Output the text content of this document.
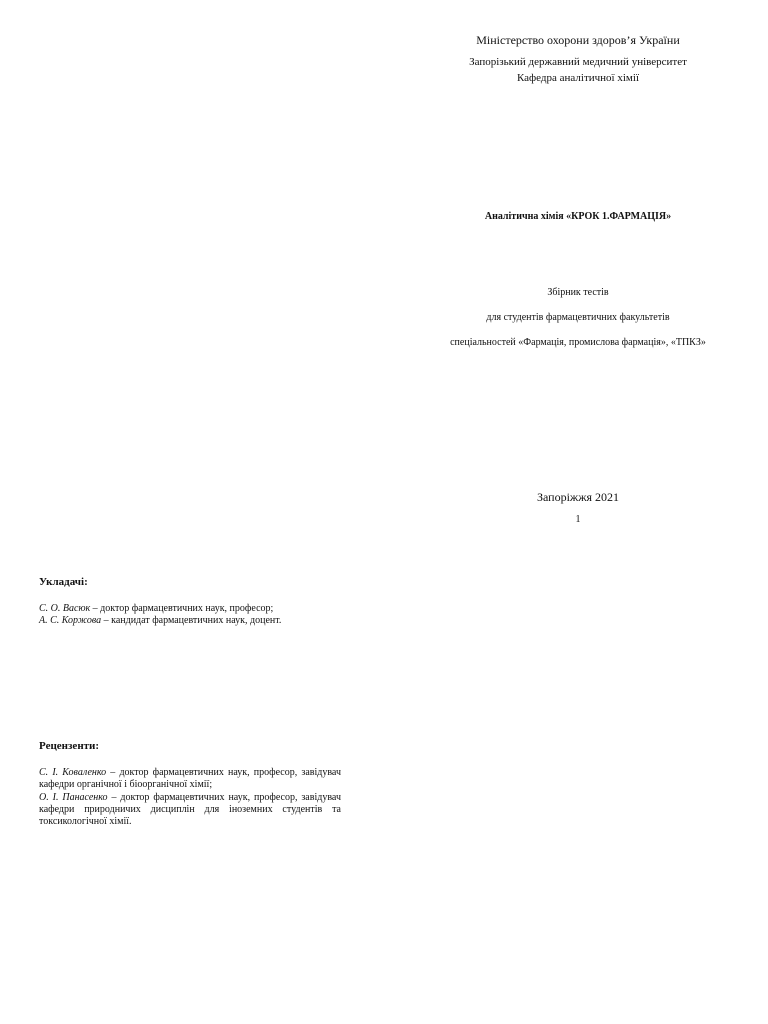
Міністерство охорони здоров’я України
Запорізький державний медичний університет
Кафедра аналітичної хімії
Аналітична хімія «КРОК 1.ФАРМАЦІЯ»
Збірник тестів
для студентів фармацевтичних факультетів
спеціальностей «Фармація, промислова фармація», «ТПКЗ»
Запоріжжя 2021
1
Укладачі:
С. О. Васюк – доктор фармацевтичних наук, професор;
А. С. Коржова – кандидат фармацевтичних наук, доцент.
Рецензенти:
С. І. Коваленко – доктор фармацевтичних наук, професор, завідувач кафедри органічної і біоорганічної хімії;
О. І. Панасенко – доктор фармацевтичних наук, професор, завідувач кафедри природничих дисциплін для іноземних студентів та токсикологічної хімії.
